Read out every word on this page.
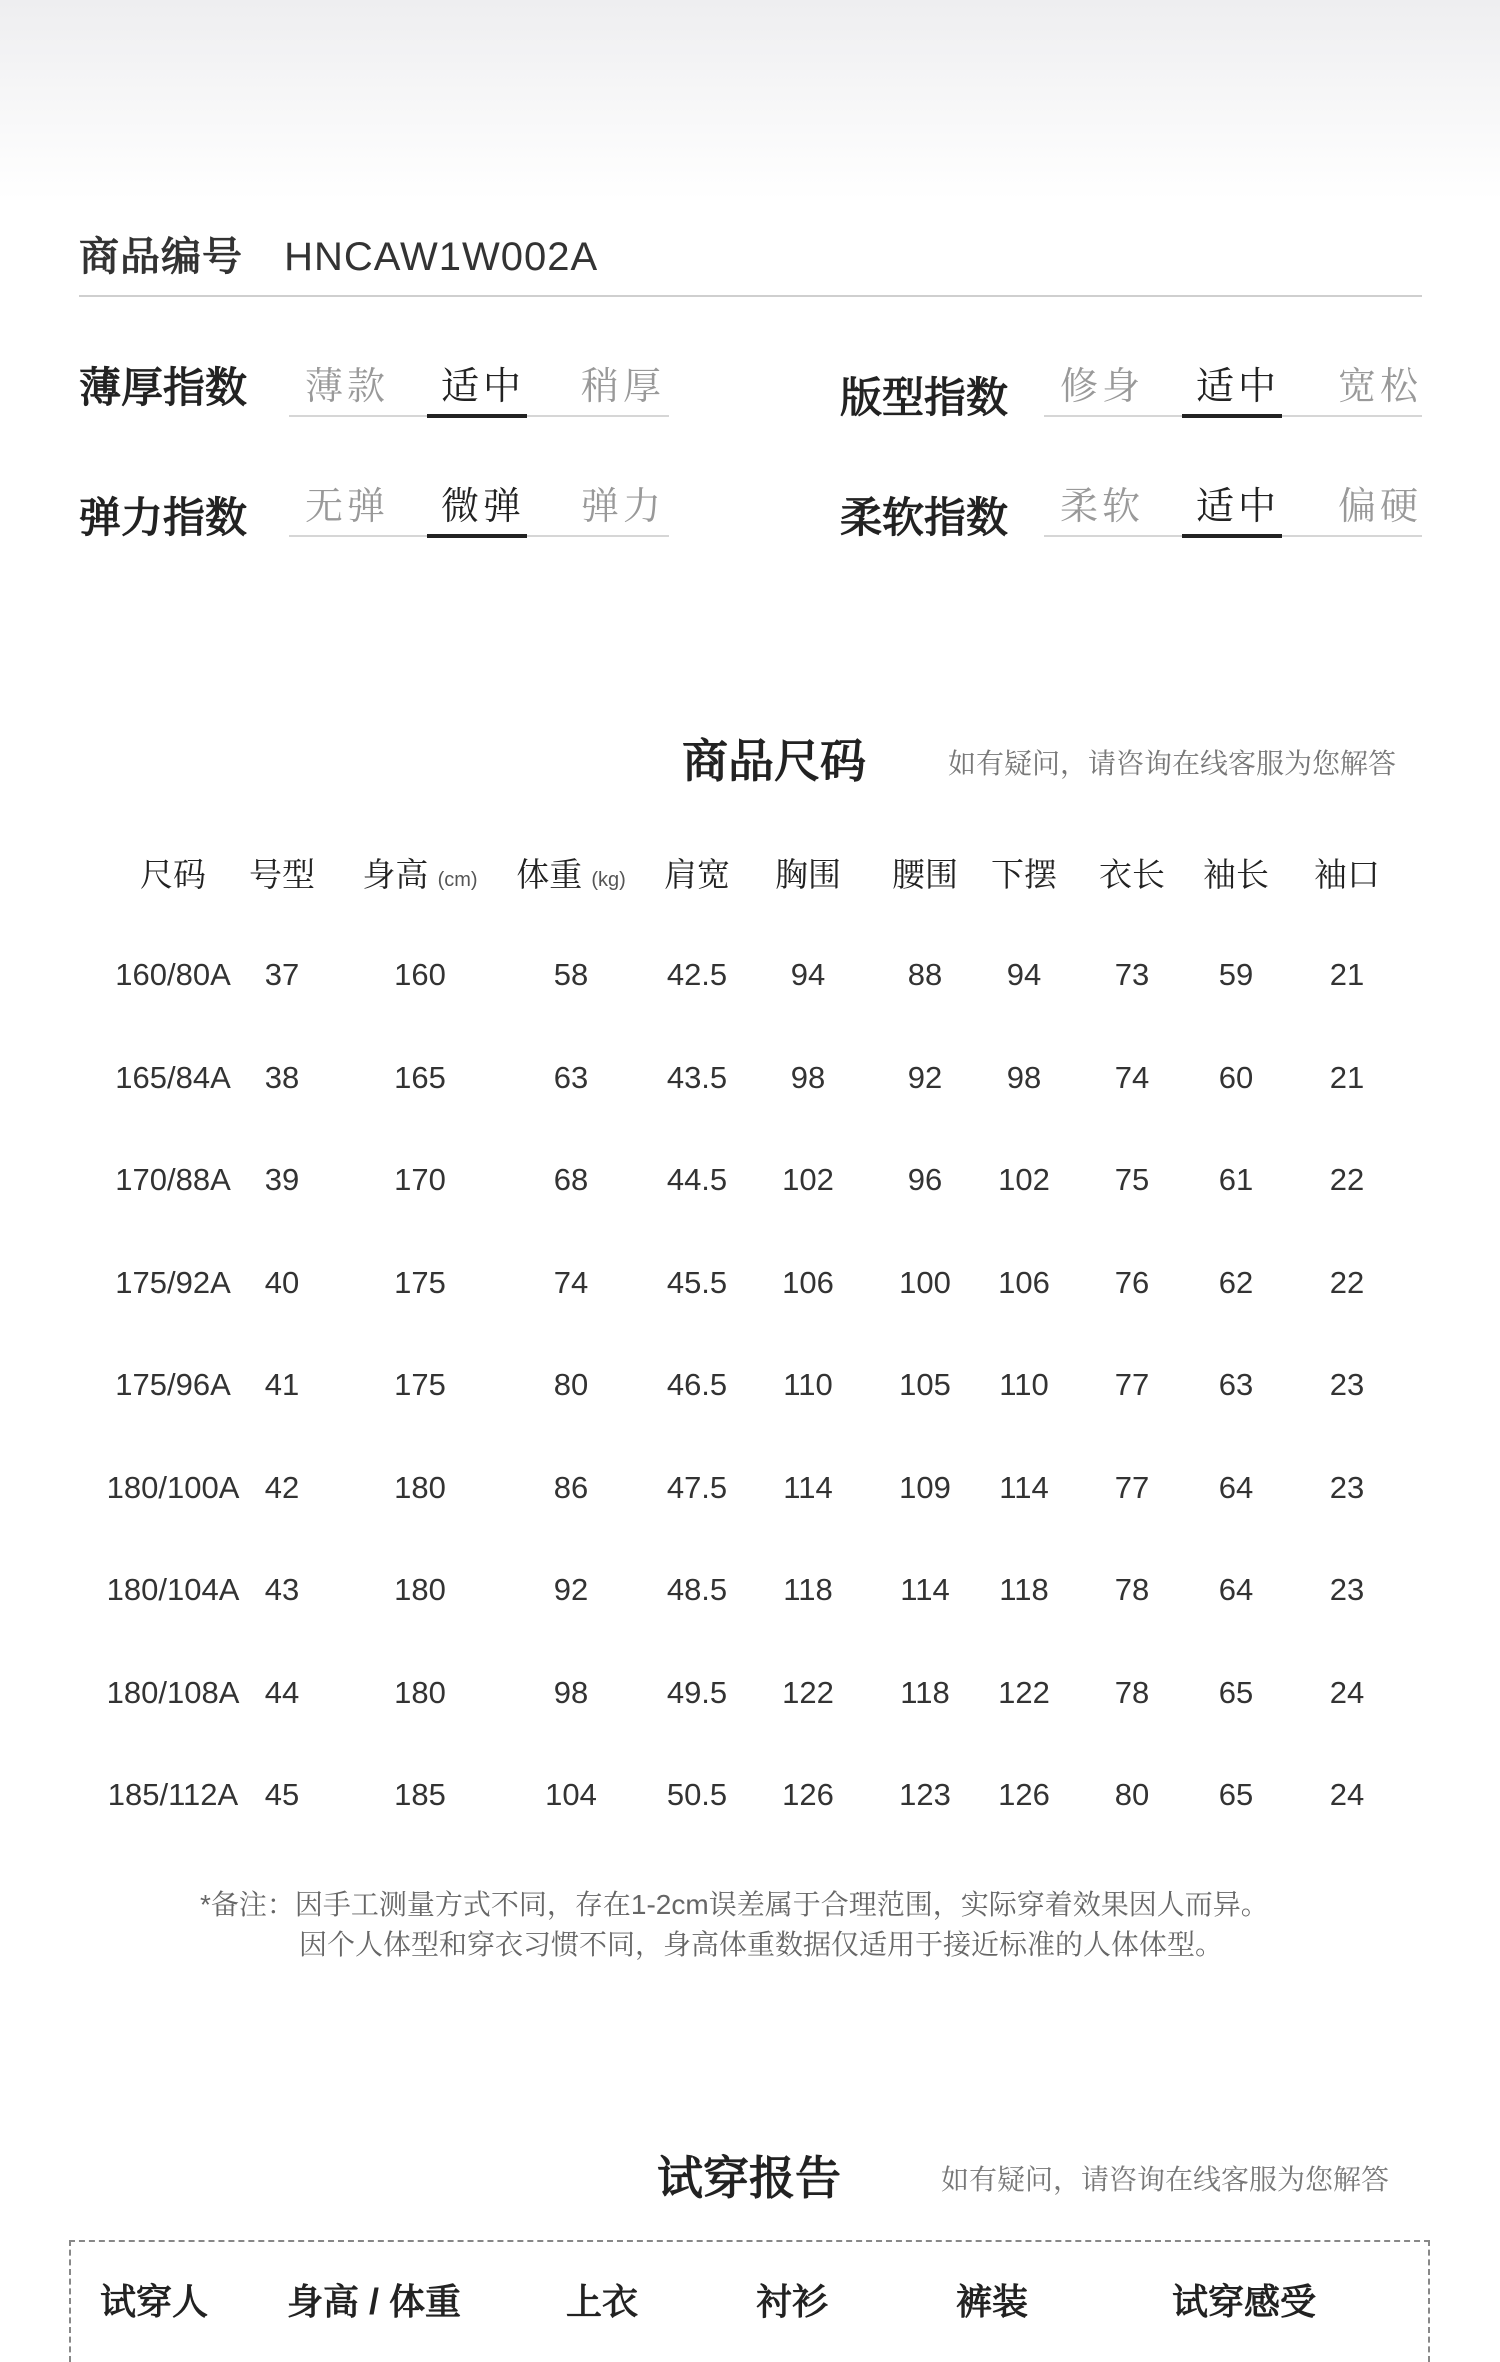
商品编号 HNCAW1W002A
薄厚指数 薄款 适中 稍厚	版型指数 修身 适中 宽松
弹力指数 无弹 微弹 弹力	柔软指数 柔软 适中 偏硬
商品尺码	如有疑问，请咨询在线客服为您解答
尺码 号型 身高 (cm) 体重 (kg) 肩宽 胸围 腰围 下摆 衣长 袖长 袖口
160/80A 37	160	58	42.5 94	88 94 73 59 21
165/84A 38	165	63	43.5 98	92 98 74 60 21
170/88A 39	170	68	44.5 102 96 102 75 61 22
175/92A 40	175	74	45.5 106 100 106 76 62 22
175/96A 41	175	80	46.5 110 105 110 77 63 23
180/100A 42	180	86	47.5 114 109 114 77 64 23
180/104A 43	180	92	48.5 118 114 118 78 64 23
180/108A 44	180	98	49.5 122 118 122 78 65 24
185/112A 45	185	104 50.5 126 123 126 80 65 24
*备注：因手工测量方式不同，存在1-2cm误差属于合理范围，实际穿着效果因人而异。
因个人体型和穿衣习惯不同，身高体重数据仅适用于接近标准的人体体型。
试穿报告	如有疑问，请咨询在线客服为您解答
试穿人 身高 / 体重	上衣	衬衫	裤装	试穿感受
